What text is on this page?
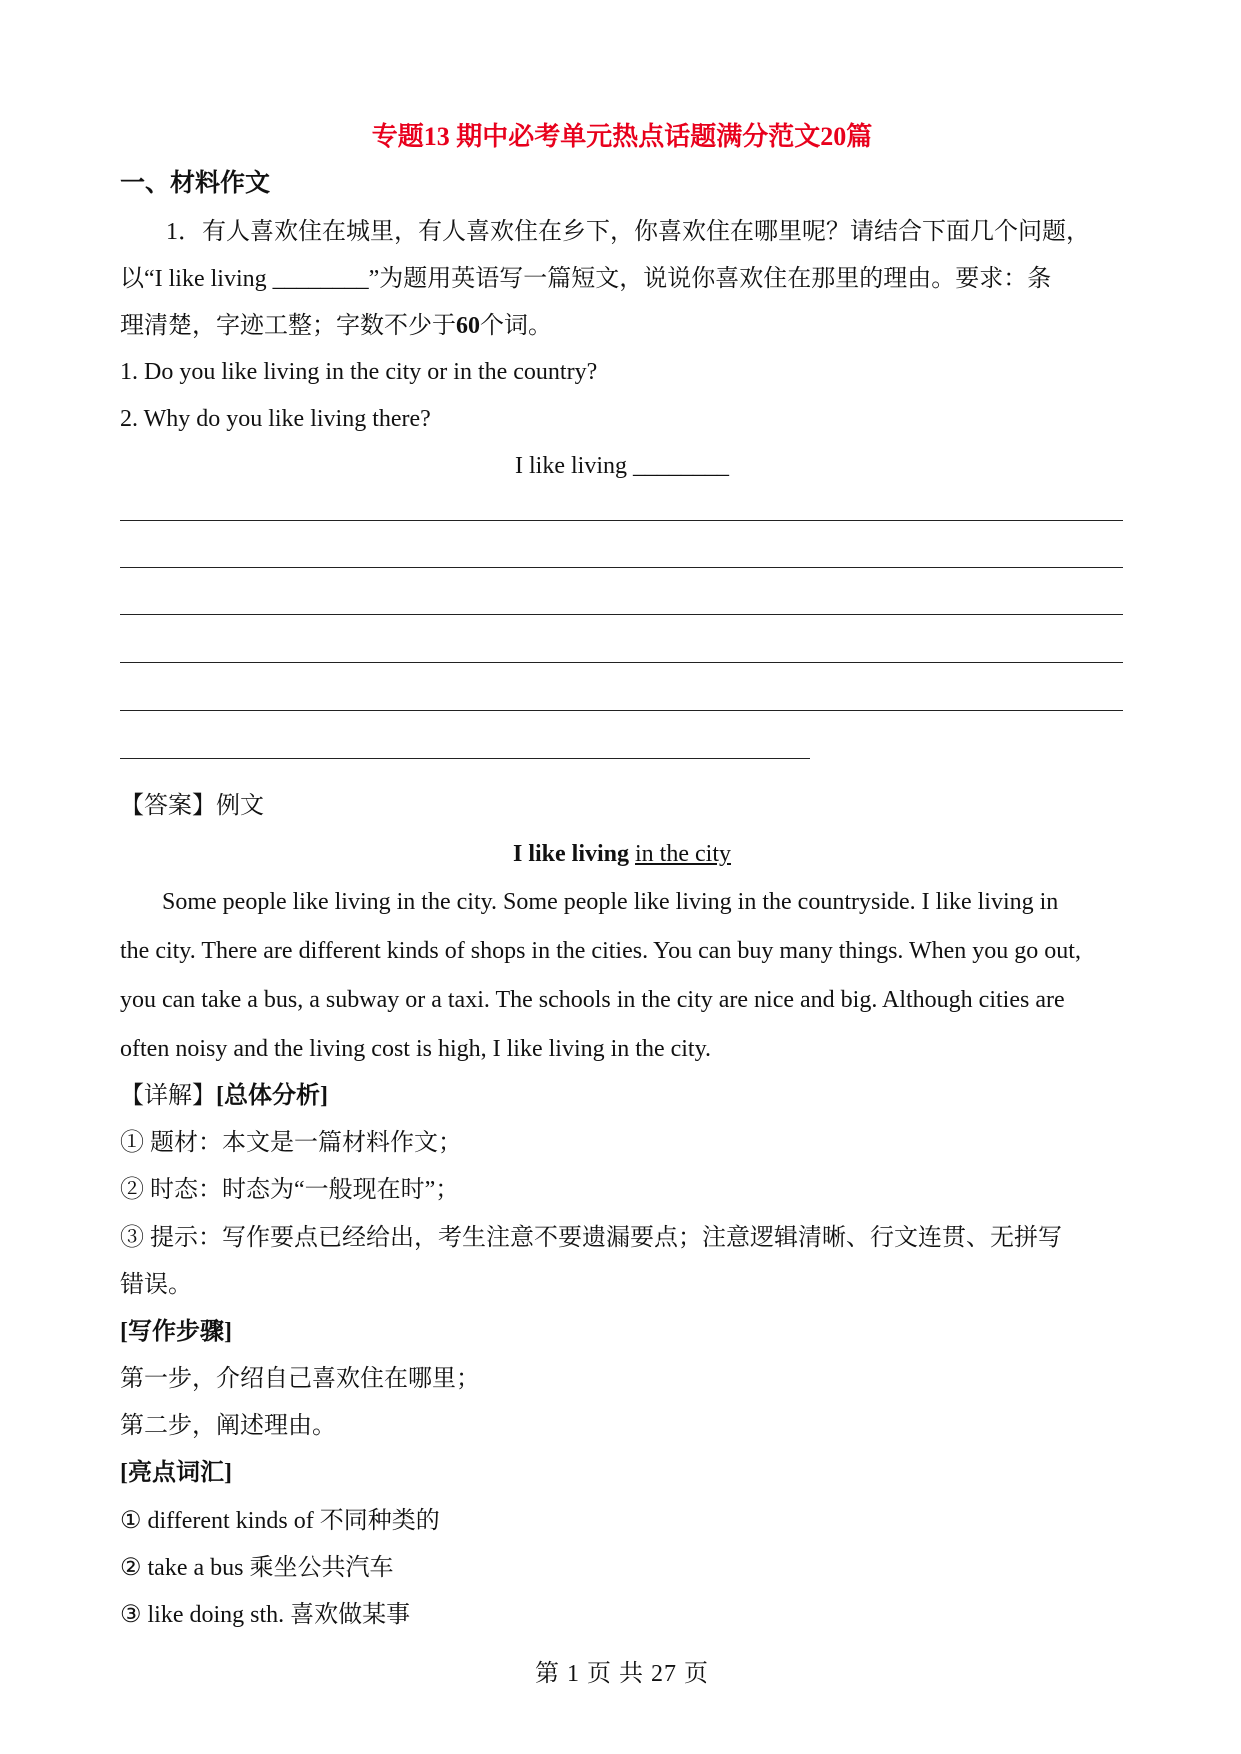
专题13 期中必考单元热点话题满分范文20篇
一、材料作文
1．有人喜欢住在城里，有人喜欢住在乡下，你喜欢住在哪里呢？请结合下面几个问题，
以“I like living ________”为题用英语写一篇短文，说说你喜欢住在那里的理由。要求：条
理清楚，字迹工整；字数不少于60个词。
1. Do you like living in the city or in the country?
2. Why do you like living there?
I like living ________
【答案】例文
I like living in the city
Some people like living in the city. Some people like living in the countryside. I like living in
the city. There are different kinds of shops in the cities. You can buy many things. When you go out,
you can take a bus, a subway or a taxi. The schools in the city are nice and big. Although cities are
often noisy and the living cost is high, I like living in the city.
【详解】[总体分析]
① 题材：本文是一篇材料作文；
② 时态：时态为“一般现在时”；
③ 提示：写作要点已经给出，考生注意不要遗漏要点；注意逻辑清晰、行文连贯、无拼写
错误。
[写作步骤]
第一步，介绍自己喜欢住在哪里；
第二步，阐述理由。
[亮点词汇]
① different kinds of 不同种类的
② take a bus 乘坐公共汽车
③ like doing sth. 喜欢做某事
第 1 页 共 27 页
